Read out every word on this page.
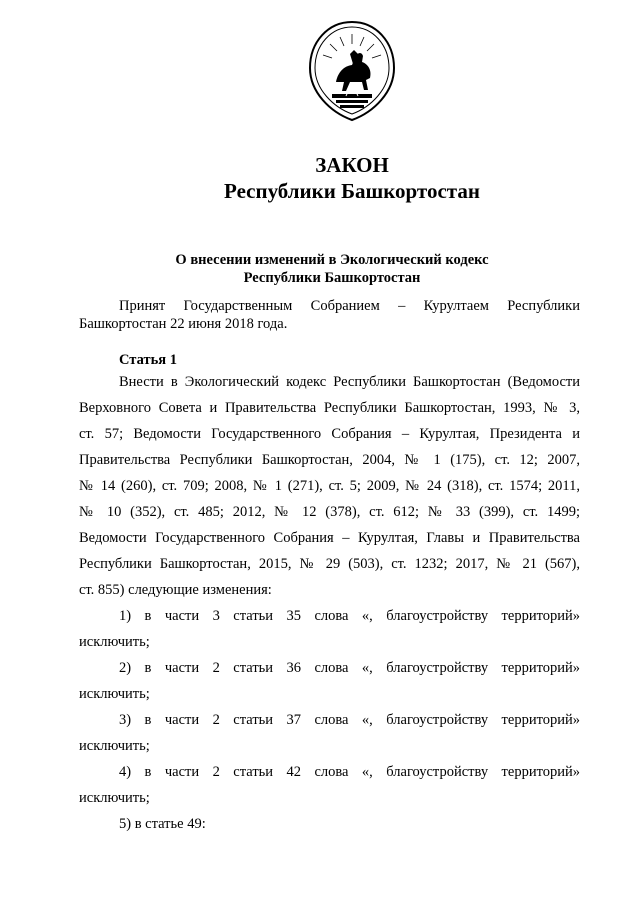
ЗАКОН
Республики Башкортостан
О внесении изменений в Экологический кодекс
Республики Башкортостан
Принят Государственным Собранием – Курултаем Республики
Башкортостан 22 июня 2018 года.
Статья 1
Внести в Экологический кодекс Республики Башкортостан (Ведомости
Верховного Совета и Правительства Республики Башкортостан, 1993, № 3,
ст. 57; Ведомости Государственного Собрания – Курултая, Президента и
Правительства Республики Башкортостан, 2004, № 1 (175), ст. 12; 2007,
№ 14 (260), ст. 709; 2008, № 1 (271), ст. 5; 2009, № 24 (318), ст. 1574; 2011,
№ 10 (352), ст. 485; 2012, № 12 (378), ст. 612; № 33 (399), ст. 1499;
Ведомости Государственного Собрания – Курултая, Главы и Правительства
Республики Башкортостан, 2015, № 29 (503), ст. 1232; 2017, № 21 (567),
ст. 855) следующие изменения:
1) в части 3 статьи 35 слова «, благоустройству территорий»
исключить;
2) в части 2 статьи 36 слова «, благоустройству территорий»
исключить;
3) в части 2 статьи 37 слова «, благоустройству территорий»
исключить;
4) в части 2 статьи 42 слова «, благоустройству территорий»
исключить;
5) в статье 49:
